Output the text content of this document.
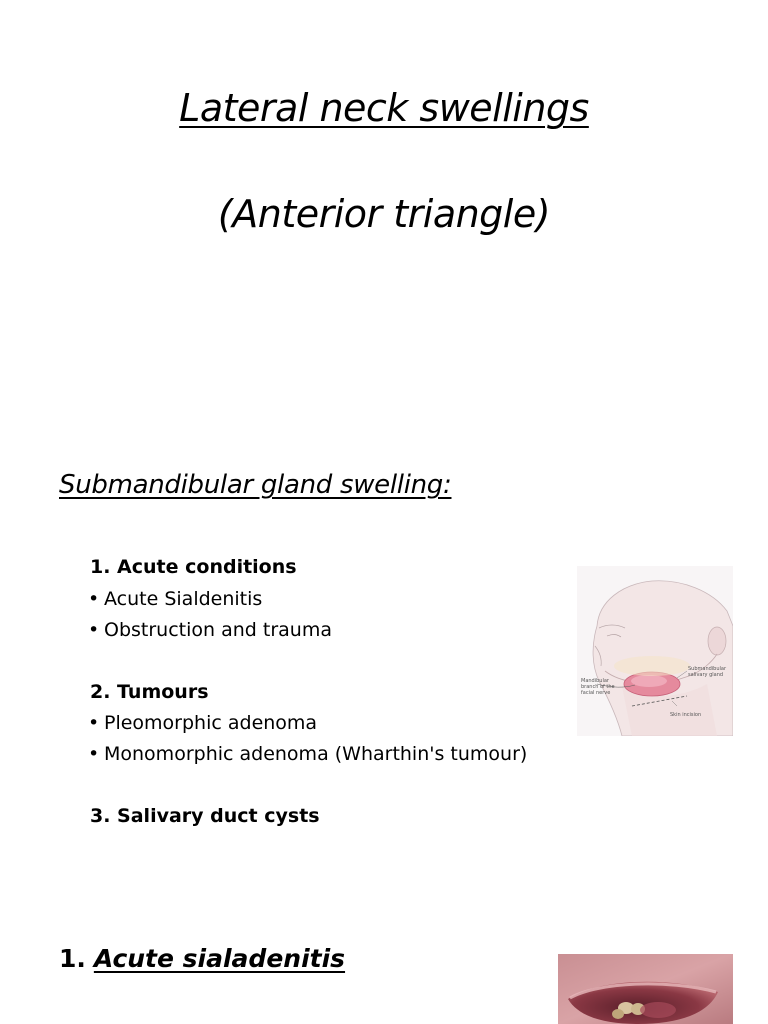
Lateral neck swellings
(Anterior triangle)
Submandibular gland swelling:
1. Acute conditions
• Acute Sialdenitis
• Obstruction and trauma
2. Tumours
• Pleomorphic adenoma
• Monomorphic adenoma (Wharthin's tumour)
3. Salivary duct cysts
Submandibular
salivary gland
Mandibular
branch of the
facial nerve
Skin incision
1. Acute sialadenitis
